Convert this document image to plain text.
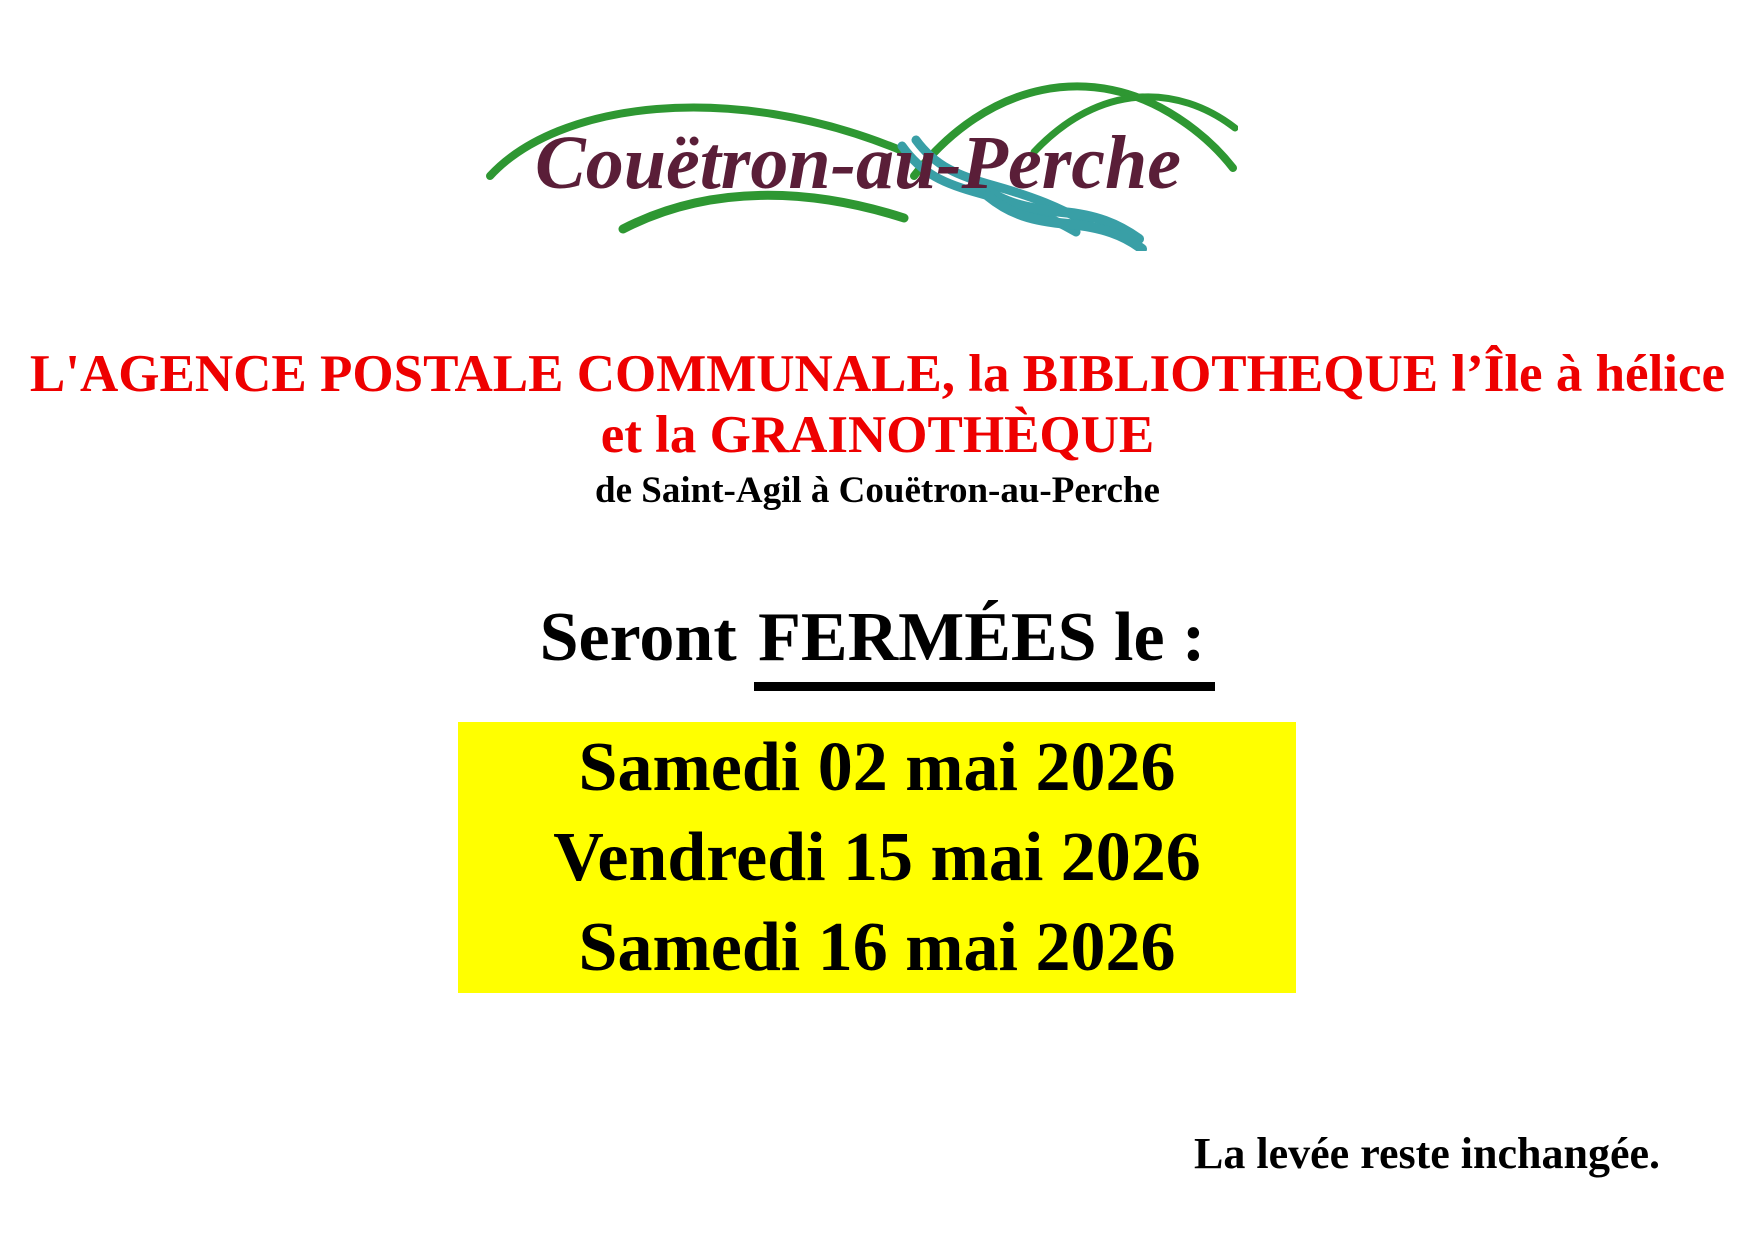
Couëtron-au-Perche
L'AGENCE POSTALE COMMUNALE, la BIBLIOTHEQUE l’Île à hélice
et la GRAINOTHÈQUE
de Saint-Agil à Couëtron-au-Perche
Seront FERMÉES le :
Samedi 02 mai 2026
Vendredi 15 mai 2026
Samedi 16 mai 2026
La levée reste inchangée.
